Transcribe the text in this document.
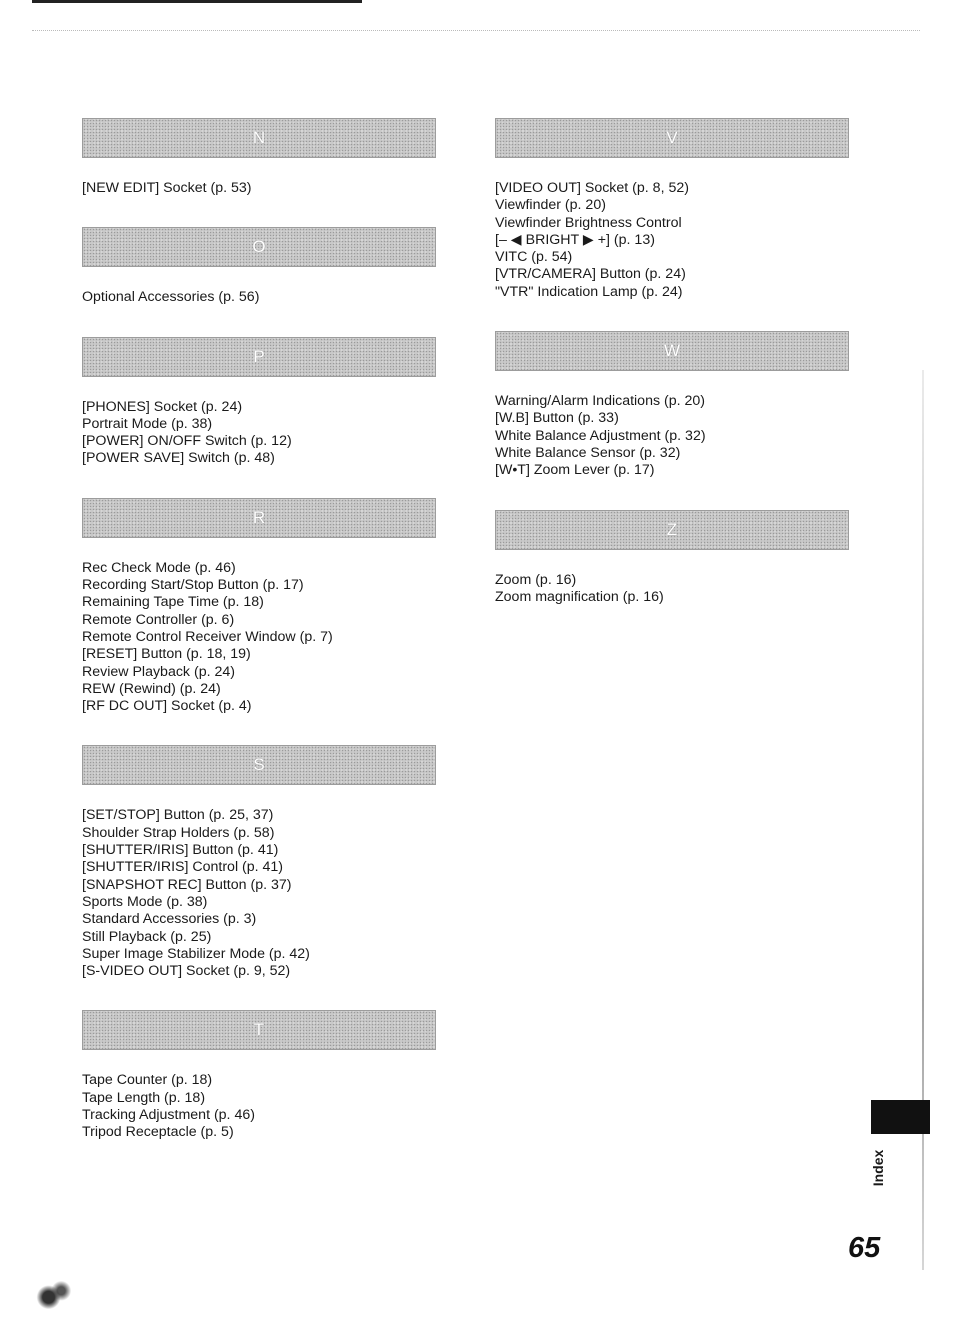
N
[NEW EDIT] Socket (p. 53)
O
Optional Accessories (p. 56)
P
[PHONES] Socket (p. 24)
Portrait Mode (p. 38)
[POWER] ON/OFF Switch (p. 12)
[POWER SAVE] Switch (p. 48)
R
Rec Check Mode (p. 46)
Recording Start/Stop Button (p. 17)
Remaining Tape Time (p. 18)
Remote Controller (p. 6)
Remote Control Receiver Window (p. 7)
[RESET] Button (p. 18, 19)
Review Playback (p. 24)
REW (Rewind) (p. 24)
[RF DC OUT] Socket (p. 4)
S
[SET/STOP] Button (p. 25, 37)
Shoulder Strap Holders (p. 58)
[SHUTTER/IRIS] Button (p. 41)
[SHUTTER/IRIS] Control (p. 41)
[SNAPSHOT REC] Button (p. 37)
Sports Mode (p. 38)
Standard Accessories (p. 3)
Still Playback (p. 25)
Super Image Stabilizer Mode (p. 42)
[S-VIDEO OUT] Socket (p. 9, 52)
T
Tape Counter (p. 18)
Tape Length (p. 18)
Tracking Adjustment (p. 46)
Tripod Receptacle (p. 5)
V
[VIDEO OUT] Socket (p. 8, 52)
Viewfinder (p. 20)
Viewfinder Brightness Control
[– ◀ BRIGHT ▶ +] (p. 13)
VITC (p. 54)
[VTR/CAMERA] Button (p. 24)
"VTR" Indication Lamp (p. 24)
W
Warning/Alarm Indications (p. 20)
[W.B] Button (p. 33)
White Balance Adjustment (p. 32)
White Balance Sensor (p. 32)
[W•T] Zoom Lever (p. 17)
Z
Zoom (p. 16)
Zoom magnification (p. 16)
Index
65
